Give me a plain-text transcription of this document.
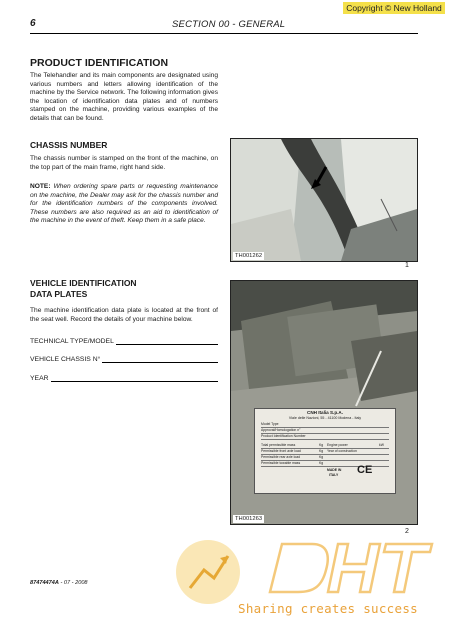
Copyright © New Holland
6	SECTION 00 - GENERAL
PRODUCT IDENTIFICATION

The Telehandler and its main components are designated using various numbers and letters allowing identification of the machine by the Service network. The following information gives the location of identification data plates and of numbers stamped on the machine, providing various examples of the details that can be found.

CHASSIS NUMBER

The chassis number is stamped on the front of the machine, on the top part of the main frame, right hand side.

NOTE: When ordering spare parts or requesting maintenance on the machine, the Dealer may ask for the chassis number and for the identification numbers of the components involved. These numbers are also required as an aid to identification of the machine in the event of theft. Keep them in a safe place.

VEHICLE IDENTIFICATION
DATA PLATES

The machine identification data plate is located at the front of the seat well. Record the details of your machine below.

TECHNICAL TYPE/MODEL
VEHICLE CHASSIS N°
YEAR
TH001262
1
CNH Italia S.p.A.
Viale delle Nazioni, 55 - 41100 Modena - Italy
Model Type
Approval/Homologation n°
Product Identification Number
Total permissible mass	Kg Engine power	kW
Permissible front axle load	Kg Year of construction
Permissible rear axle load	Kg
Permissible towable mass	Kg
MADE IN
ITALY CE
TH001263
2
Sharing creates success
87474474A - 07 - 2008
